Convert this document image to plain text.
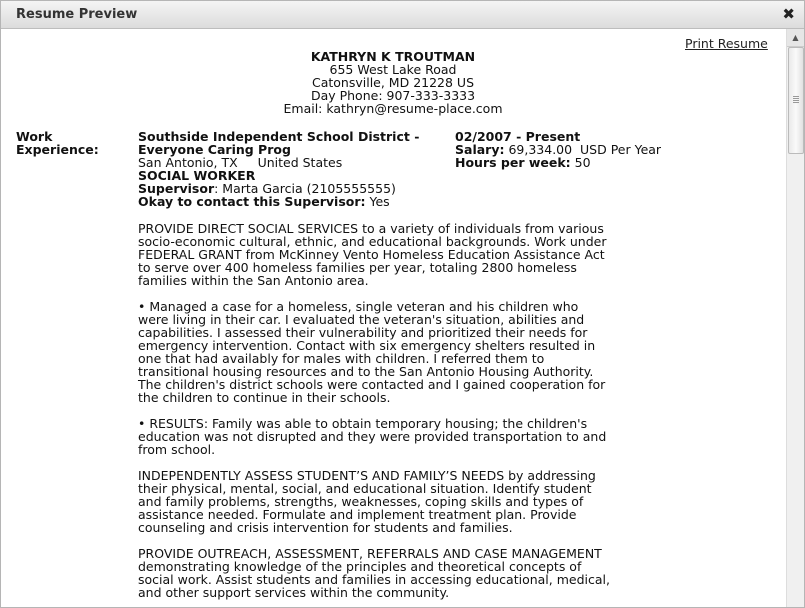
Resume Preview	✖
Print Resume
KATHRYN K TROUTMAN
655 West Lake Road
Catonsville, MD 21228 US
Day Phone: 907-333-3333
Email: kathryn@resume-place.com
Work
Experience:
Southside Independent School District -
Everyone Caring Prog
San Antonio, TX     United States
SOCIAL WORKER
Supervisor: Marta Garcia (2105555555)
Okay to contact this Supervisor: Yes
02/2007 - Present
Salary: 69,334.00  USD Per Year
Hours per week: 50

PROVIDE DIRECT SOCIAL SERVICES to a variety of individuals from various
socio-economic cultural, ethnic, and educational backgrounds. Work under
FEDERAL GRANT from McKinney Vento Homeless Education Assistance Act
to serve over 400 homeless families per year, totaling 2800 homeless
families within the San Antonio area.

• Managed a case for a homeless, single veteran and his children who
were living in their car. I evaluated the veteran's situation, abilities and
capabilities. I assessed their vulnerability and prioritized their needs for
emergency intervention. Contact with six emergency shelters resulted in
one that had availably for males with children. I referred them to
transitional housing resources and to the San Antonio Housing Authority.
The children's district schools were contacted and I gained cooperation for
the children to continue in their schools.

• RESULTS: Family was able to obtain temporary housing; the children's
education was not disrupted and they were provided transportation to and
from school.

INDEPENDENTLY ASSESS STUDENT’S AND FAMILY’S NEEDS by addressing
their physical, mental, social, and educational situation. Identify student
and family problems, strengths, weaknesses, coping skills and types of
assistance needed. Formulate and implement treatment plan. Provide
counseling and crisis intervention for students and families.

PROVIDE OUTREACH, ASSESSMENT, REFERRALS AND CASE MANAGEMENT
demonstrating knowledge of the principles and theoretical concepts of
social work. Assist students and families in accessing educational, medical,
and other support services within the community.

▲
